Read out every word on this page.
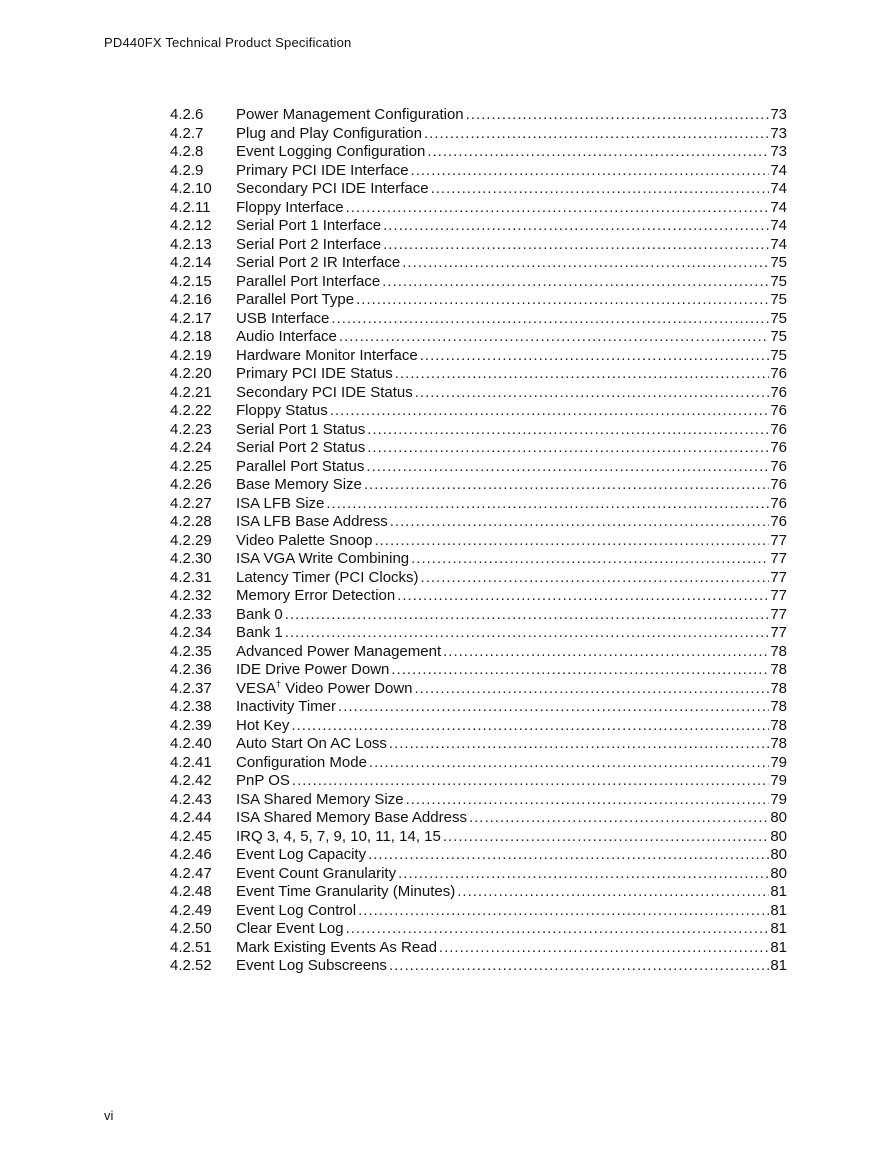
PD440FX Technical Product Specification
4.2.6	Power Management Configuration .....	73
4.2.7	Plug and Play Configuration .....	73
4.2.8	Event Logging Configuration .....	73
4.2.9	Primary PCI IDE Interface .....	74
4.2.10	Secondary PCI IDE Interface .....	74
4.2.11	Floppy Interface .....	74
4.2.12	Serial Port 1 Interface .....	74
4.2.13	Serial Port 2 Interface .....	74
4.2.14	Serial Port 2 IR Interface .....	75
4.2.15	Parallel Port Interface .....	75
4.2.16	Parallel Port Type .....	75
4.2.17	USB Interface .....	75
4.2.18	Audio Interface .....	75
4.2.19	Hardware Monitor Interface .....	75
4.2.20	Primary PCI IDE Status .....	76
4.2.21	Secondary PCI IDE Status .....	76
4.2.22	Floppy Status .....	76
4.2.23	Serial Port 1 Status .....	76
4.2.24	Serial Port 2 Status .....	76
4.2.25	Parallel Port Status .....	76
4.2.26	Base Memory Size .....	76
4.2.27	ISA LFB Size .....	76
4.2.28	ISA LFB Base Address .....	76
4.2.29	Video Palette Snoop .....	77
4.2.30	ISA VGA Write Combining .....	77
4.2.31	Latency Timer (PCI Clocks) .....	77
4.2.32	Memory Error Detection .....	77
4.2.33	Bank 0 .....	77
4.2.34	Bank 1 .....	77
4.2.35	Advanced Power Management .....	78
4.2.36	IDE Drive Power Down .....	78
4.2.37	VESA† Video Power Down .....	78
4.2.38	Inactivity Timer .....	78
4.2.39	Hot Key .....	78
4.2.40	Auto Start On AC Loss .....	78
4.2.41	Configuration Mode .....	79
4.2.42	PnP OS .....	79
4.2.43	ISA Shared Memory Size .....	79
4.2.44	ISA Shared Memory Base Address .....	80
4.2.45	IRQ 3, 4, 5, 7, 9, 10, 11, 14, 15 .....	80
4.2.46	Event Log Capacity .....	80
4.2.47	Event Count Granularity .....	80
4.2.48	Event Time Granularity (Minutes) .....	81
4.2.49	Event Log Control .....	81
4.2.50	Clear Event Log .....	81
4.2.51	Mark Existing Events As Read .....	81
4.2.52	Event Log Subscreens .....	81
vi
